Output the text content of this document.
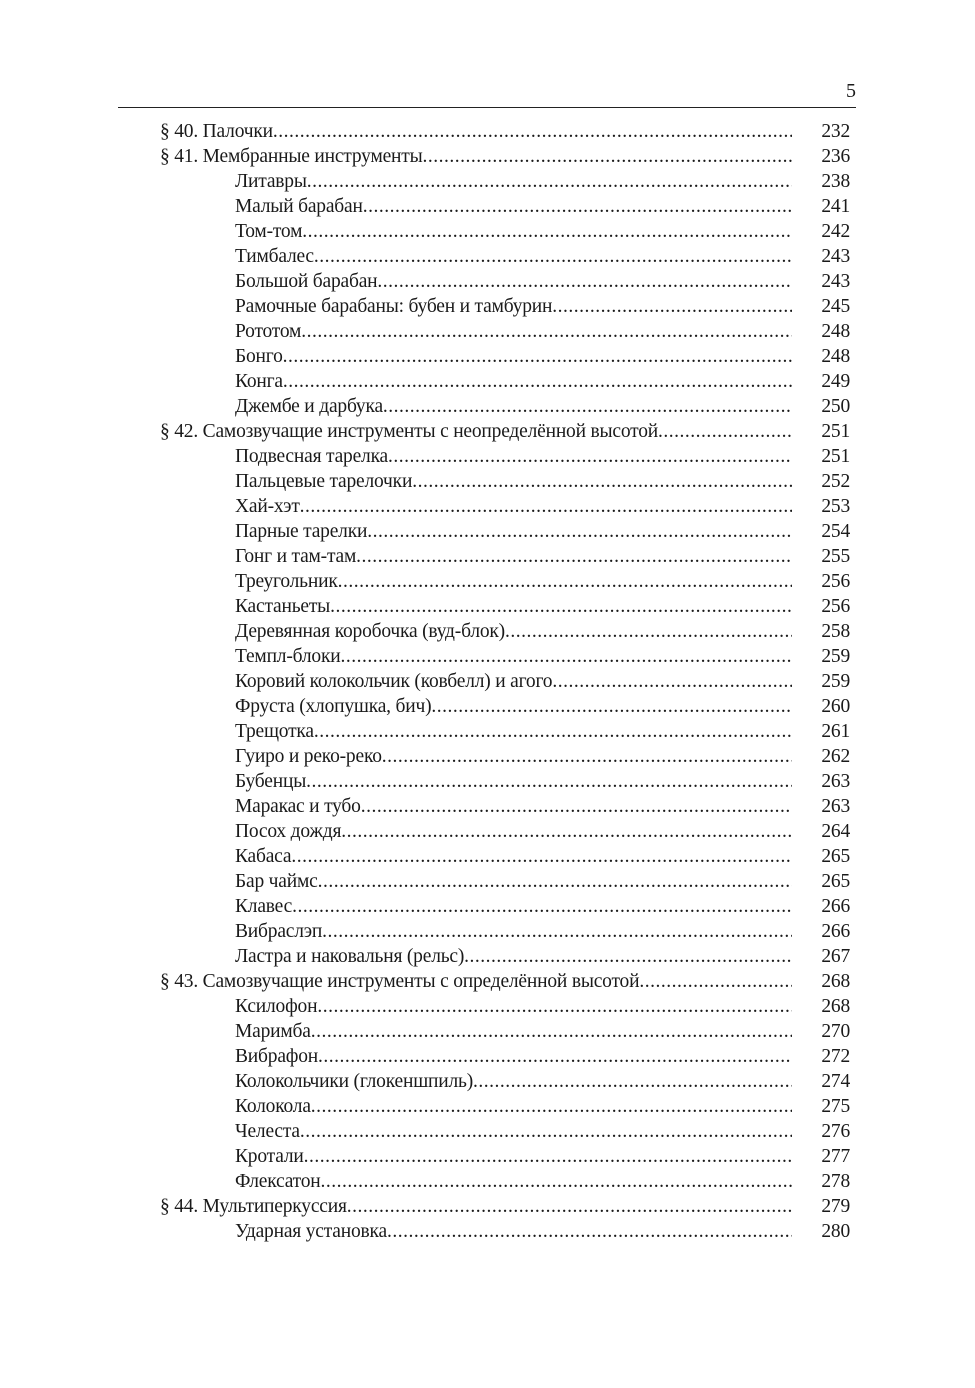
5
§ 40. Палочки .....	232
§ 41. Мембранные инструменты .....	236
Литавры .....	238
Малый барабан .....	241
Том-том .....	242
Тимбалес .....	243
Большой барабан .....	243
Рамочные барабаны: бубен и тамбурин .....	245
Рототом .....	248
Бонго .....	248
Конга .....	249
Джембе и дарбука .....	250
§ 42. Самозвучащие инструменты с неопределённой высотой .....	251
Подвесная тарелка .....	251
Пальцевые тарелочки .....	252
Хай-хэт .....	253
Парные тарелки .....	254
Гонг и там-там .....	255
Треугольник .....	256
Кастаньеты .....	256
Деревянная коробочка (вуд-блок) .....	258
Темпл-блоки .....	259
Коровий колокольчик (ковбелл) и агого .....	259
Фруста (хлопушка, бич) .....	260
Трещотка .....	261
Гуиро и реко-реко .....	262
Бубенцы .....	263
Маракас и тубо .....	263
Посох дождя .....	264
Кабаса .....	265
Бар чаймс .....	265
Клавес .....	266
Вибраслэп .....	266
Ластра и наковальня (рельс) .....	267
§ 43. Самозвучащие инструменты с определённой высотой .....	268
Ксилофон .....	268
Маримба .....	270
Вибрафон .....	272
Колокольчики (глокеншпиль) .....	274
Колокола .....	275
Челеста .....	276
Кротали .....	277
Флексатон .....	278
§ 44. Мультиперкуссия .....	279
Ударная установка .....	280
